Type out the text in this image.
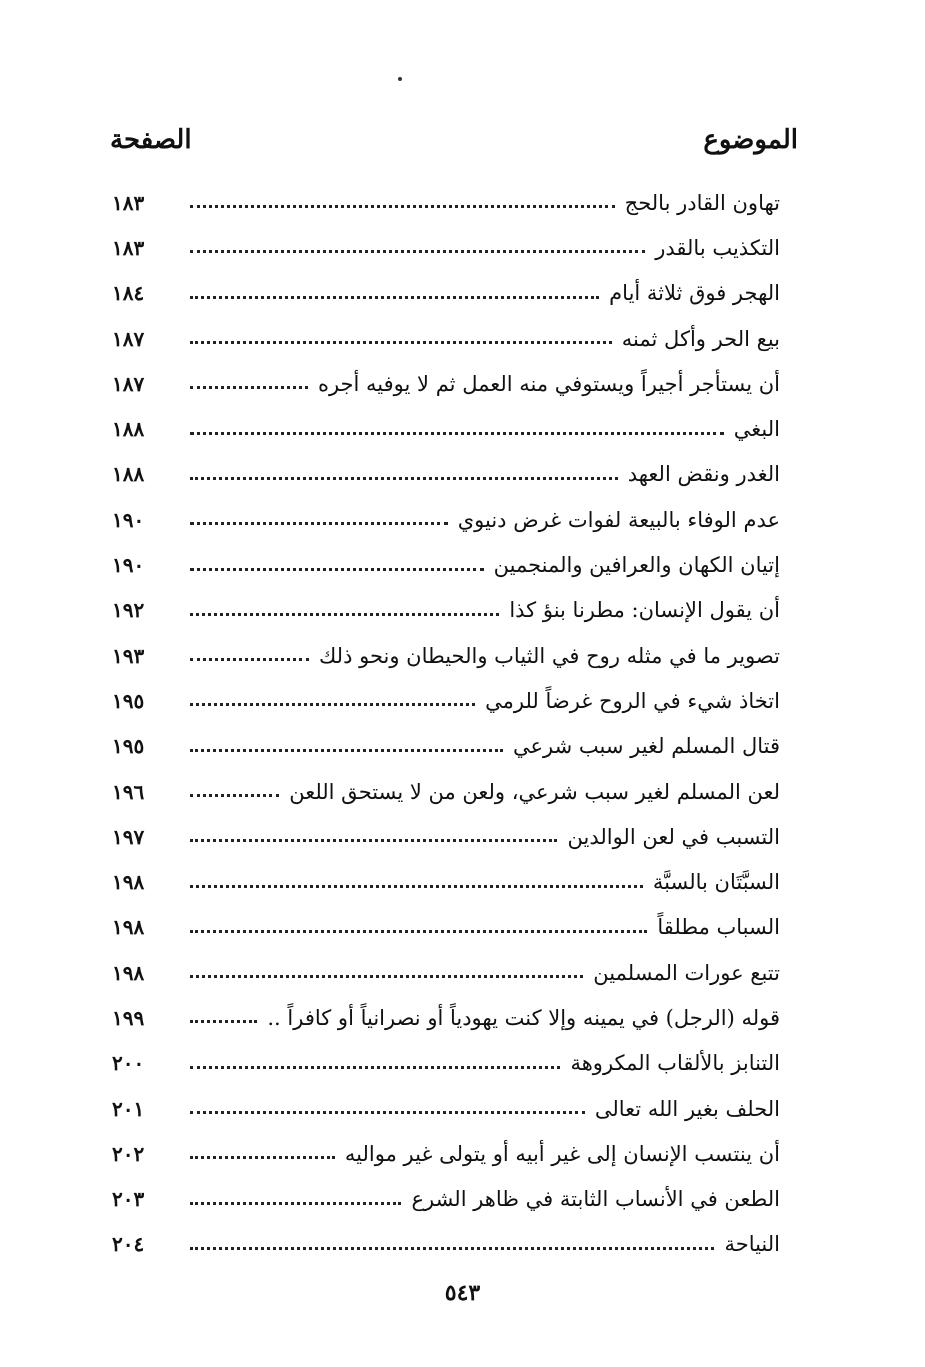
الموضوع
الصفحة
تهاون القادر بالحج
١٨٣
التكذيب بالقدر
١٨٣
الهجر فوق ثلاثة أيام
١٨٤
بيع الحر وأكل ثمنه
١٨٧
أن يستأجر أجيراً ويستوفي منه العمل ثم لا يوفيه أجره
١٨٧
البغي
١٨٨
الغدر ونقض العهد
١٨٨
عدم الوفاء بالبيعة لفوات غرض دنيوي
١٩٠
إتيان الكهان والعرافين والمنجمين
١٩٠
أن يقول الإنسان: مطرنا بنؤ كذا
١٩٢
تصوير ما في مثله روح في الثياب والحيطان ونحو ذلك
١٩٣
اتخاذ شيء في الروح غرضاً للرمي
١٩٥
قتال المسلم لغير سبب شرعي
١٩٥
لعن المسلم لغير سبب شرعي، ولعن من لا يستحق اللعن
١٩٦
التسبب في لعن الوالدين
١٩٧
السبَّتَان بالسبَّة
١٩٨
السباب مطلقاً
١٩٨
تتبع عورات المسلمين
١٩٨
قوله (الرجل) في يمينه وإلا كنت يهودياً أو نصرانياً أو كافراً ..
١٩٩
التنابز بالألقاب المكروهة
٢٠٠
الحلف بغير الله تعالى
٢٠١
أن ينتسب الإنسان إلى غير أبيه أو يتولى غير مواليه
٢٠٢
الطعن في الأنساب الثابتة في ظاهر الشرع
٢٠٣
النياحة
٢٠٤
٥٤٣
